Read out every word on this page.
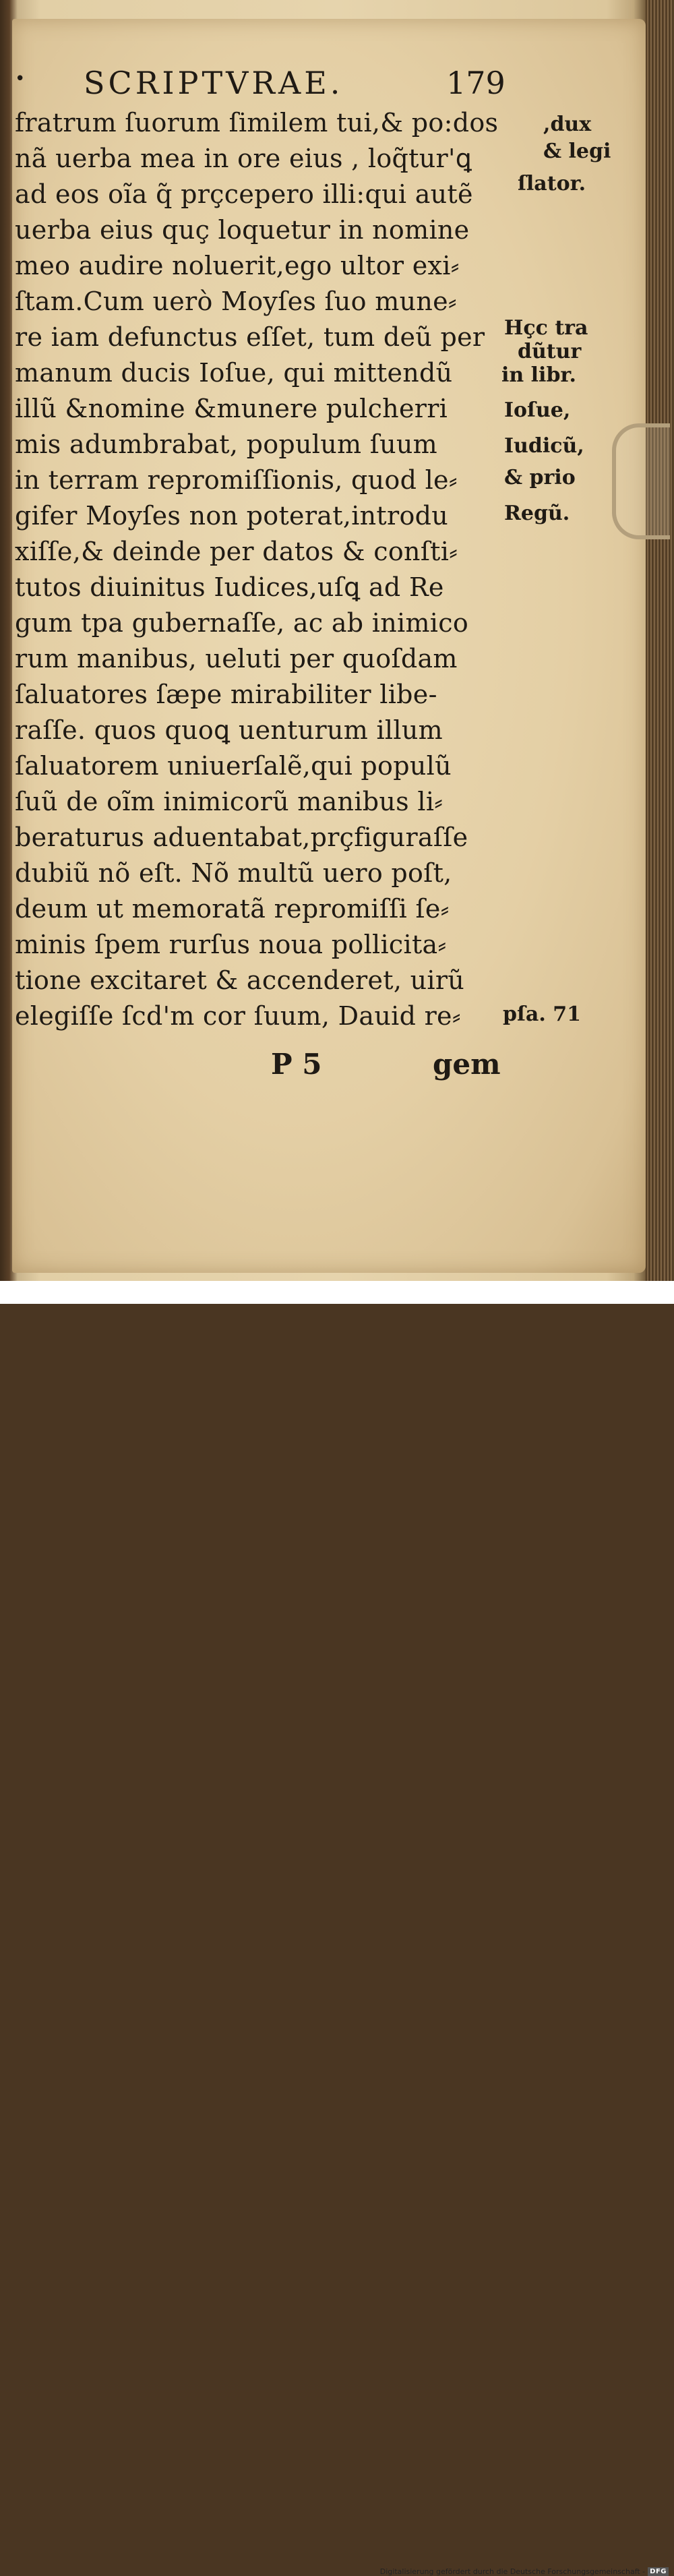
• SCRIPTVRAE.	179
fratrum ſuorum ſimilem tui,& po:dos
nã uerba mea in ore eius , loq̃tur'ꝗ
ad eos oĩa q̃ prçcepero illi:qui autẽ
uerba eius quç loquetur in nomine
meo audire noluerit,ego ultor exi⸗
ſtam.Cum uerò Moyſes ſuo mune⸗
re iam defunctus eſſet, tum deũ per
manum ducis Ioſue, qui mittendũ
illũ &nomine &munere pulcherri
mis adumbrabat, populum ſuum
in terram repromiſſionis, quod le⸗
gifer Moyſes non poterat,introdu
xiſſe,& deinde per datos & conſti⸗
tutos diuinitus Iudices,uſꝗ ad Re
gum tpa gubernaſſe, ac ab inimico
rum manibus, ueluti per quoſdam
ſaluatores ſæpe mirabiliter libe-
raſſe. quos quoꝗ uenturum illum
ſaluatorem uniuerſalẽ,qui populũ
ſuũ de oĩm inimicorũ manibus li⸗
beraturus aduentabat,prçfiguraſſe
dubiũ nõ eſt. Nõ multũ uero poſt,
deum ut memoratã repromiſſi ſe⸗
minis ſpem rurſus noua pollicita⸗
tione excitaret & accenderet, uirũ
elegiſſe ſcd'm cor ſuum, Dauid re⸗
,dux
& legi
ſlator.
Hçc tra
dũtur
in libr.
Ioſue,
Iudicũ,
& prio
Regũ.
pſa. 71
P 5	gem
Digitalisierung gefördert durch die Deutsche Forschungsgemeinschaft - DFG
